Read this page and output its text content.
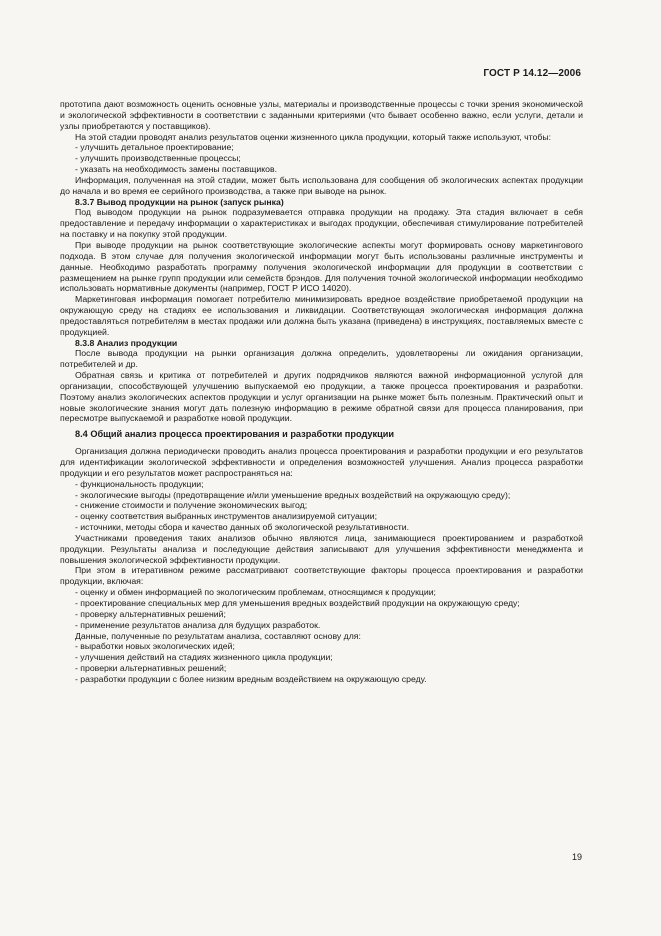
ГОСТ Р 14.12—2006

прототипа дают возможность оценить основные узлы, материалы и производственные процессы с точки зрения экономической и экологической эффективности в соответствии с заданными критериями (что бывает особенно важно, если услуги, детали и узлы приобретаются у поставщиков).

На этой стадии проводят анализ результатов оценки жизненного цикла продукции, который также используют, чтобы:

- улучшить детальное проектирование;

- улучшить производственные процессы;

- указать на необходимость замены поставщиков.

Информация, полученная на этой стадии, может быть использована для сообщения об экологических аспектах продукции до начала и во время ее серийного производства, а также при выводе на рынок.

8.3.7 Вывод продукции на рынок (запуск рынка)

Под выводом продукции на рынок подразумевается отправка продукции на продажу. Эта стадия включает в себя предоставление и передачу информации о характеристиках и выгодах продукции, обеспечивая стимулирование потребителей на поставку и на покупку этой продукции.

При выводе продукции на рынок соответствующие экологические аспекты могут формировать основу маркетингового подхода. В этом случае для получения экологической информации могут быть использованы различные инструменты и данные. Необходимо разработать программу получения экологической информации для продукции в соответствии с размещением на рынке групп продукции или семейств брэндов. Для получения точной экологической информации необходимо использовать нормативные документы (например, ГОСТ Р ИСО 14020).

Маркетинговая информация помогает потребителю минимизировать вредное воздействие приобретаемой продукции на окружающую среду на стадиях ее использования и ликвидации. Соответствующая экологическая информация должна предоставляться потребителям в местах продажи или должна быть указана (приведена) в инструкциях, поставляемых вместе с продукцией.

8.3.8 Анализ продукции

После вывода продукции на рынки организация должна определить, удовлетворены ли ожидания организации, потребителей и др.

Обратная связь и критика от потребителей и других подрядчиков являются важной информационной услугой для организации, способствующей улучшению выпускаемой ею продукции, а также процесса проектирования и разработки. Поэтому анализ экологических аспектов продукции и услуг организации на рынке может быть полезным. Практический опыт и новые экологические знания могут дать полезную информацию в режиме обратной связи для процесса планирования, при пересмотре выпускаемой и разработке новой продукции.

8.4 Общий анализ процесса проектирования и разработки продукции

Организация должна периодически проводить анализ процесса проектирования и разработки продукции и его результатов для идентификации экологической эффективности и определения возможностей улучшения. Анализ процесса разработки продукции и его результатов может распространяться на:

- функциональность продукции;

- экологические выгоды (предотвращение и/или уменьшение вредных воздействий на окружающую среду);

- снижение стоимости и получение экономических выгод;

- оценку соответствия выбранных инструментов анализируемой ситуации;

- источники, методы сбора и качество данных об экологической результативности.

Участниками проведения таких анализов обычно являются лица, занимающиеся проектированием и разработкой продукции. Результаты анализа и последующие действия записывают для улучшения эффективности менеджмента и повышения экологической эффективности продукции.

При этом в итеративном режиме рассматривают соответствующие факторы процесса проектирования и разработки продукции, включая:

- оценку и обмен информацией по экологическим проблемам, относящимся к продукции;

- проектирование специальных мер для уменьшения вредных воздействий продукции на окружающую среду;

- проверку альтернативных решений;

- применение результатов анализа для будущих разработок.

Данные, полученные по результатам анализа, составляют основу для:

- выработки новых экологических идей;

- улучшения действий на стадиях жизненного цикла продукции;

- проверки альтернативных решений;

- разработки продукции с более низким вредным воздействием на окружающую среду.

19
